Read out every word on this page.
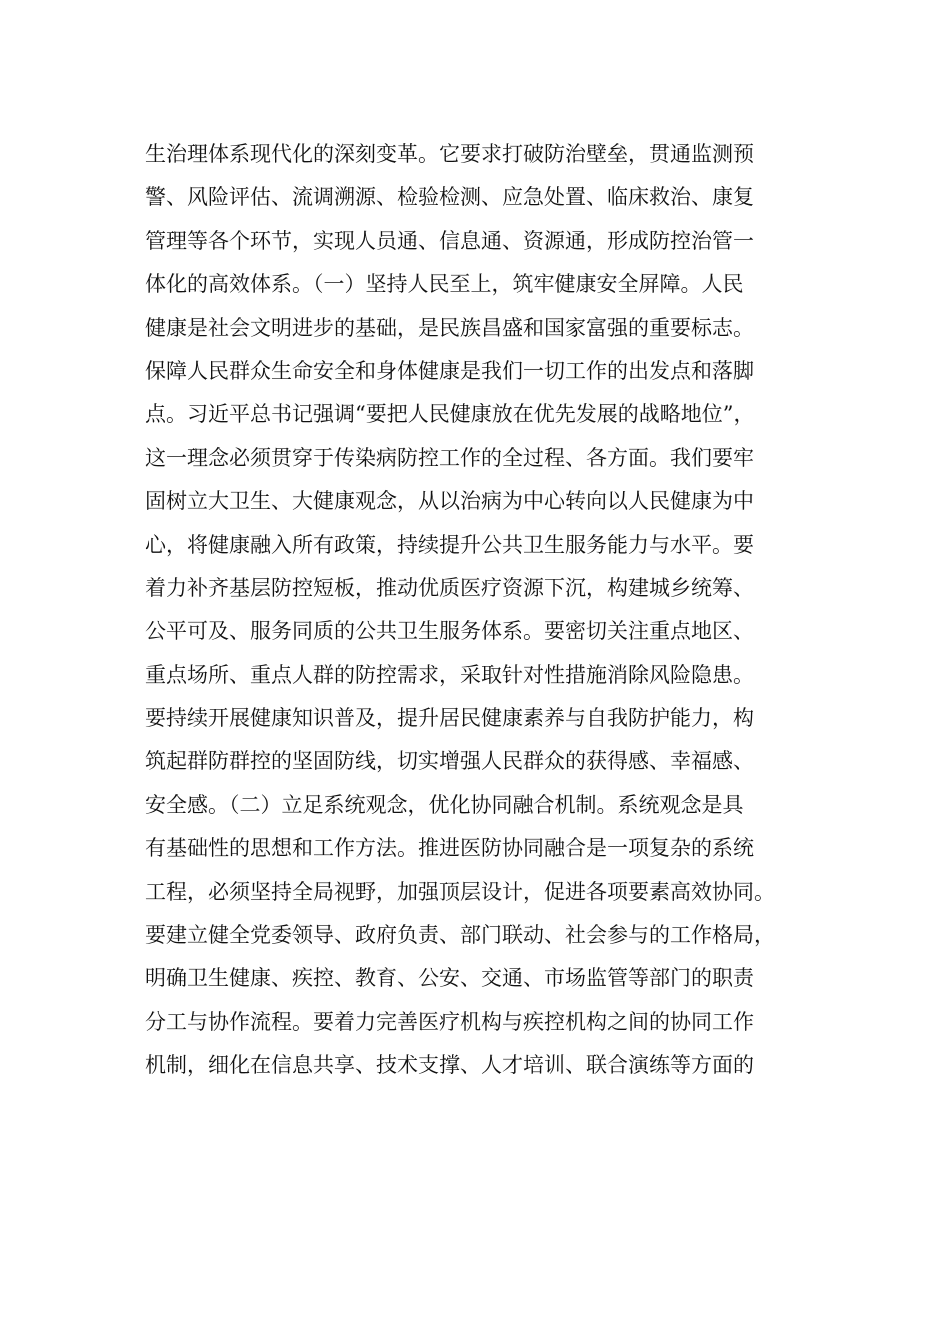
生治理体系现代化的深刻变革。它要求打破防治壁垒，贯通监测预
警、风险评估、流调溯源、检验检测、应急处置、临床救治、康复
管理等各个环节，实现人员通、信息通、资源通，形成防控治管一
体化的高效体系。（一）坚持人民至上，筑牢健康安全屏障。人民
健康是社会文明进步的基础，是民族昌盛和国家富强的重要标志。
保障人民群众生命安全和身体健康是我们一切工作的出发点和落脚
点。习近平总书记强调“要把人民健康放在优先发展的战略地位”，
这一理念必须贯穿于传染病防控工作的全过程、各方面。我们要牢
固树立大卫生、大健康观念，从以治病为中心转向以人民健康为中
心，将健康融入所有政策，持续提升公共卫生服务能力与水平。要
着力补齐基层防控短板，推动优质医疗资源下沉，构建城乡统筹、
公平可及、服务同质的公共卫生服务体系。要密切关注重点地区、
重点场所、重点人群的防控需求，采取针对性措施消除风险隐患。
要持续开展健康知识普及，提升居民健康素养与自我防护能力，构
筑起群防群控的坚固防线，切实增强人民群众的获得感、幸福感、
安全感。（二）立足系统观念，优化协同融合机制。系统观念是具
有基础性的思想和工作方法。推进医防协同融合是一项复杂的系统
工程，必须坚持全局视野，加强顶层设计，促进各项要素高效协同。
要建立健全党委领导、政府负责、部门联动、社会参与的工作格局，
明确卫生健康、疾控、教育、公安、交通、市场监管等部门的职责
分工与协作流程。要着力完善医疗机构与疾控机构之间的协同工作
机制，细化在信息共享、技术支撑、人才培训、联合演练等方面的
